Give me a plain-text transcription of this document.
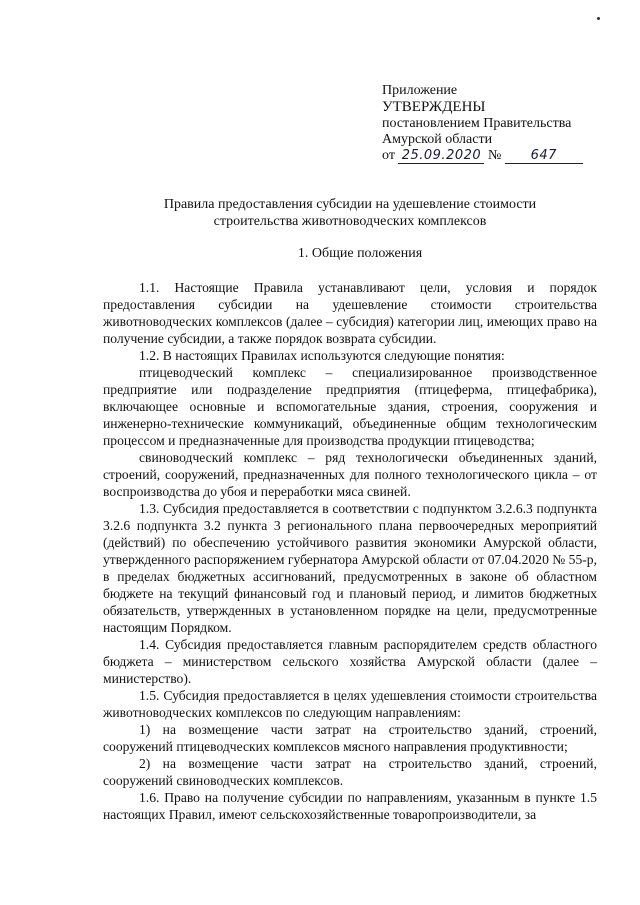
Приложение
УТВЕРЖДЕНЫ
постановлением Правительства
Амурской области
от 25.09.2020 № 647
Правила предоставления субсидии на удешевление стоимости
строительства животноводческих комплексов
1. Общие положения

1.1. Настоящие Правила устанавливают цели, условия и порядок предоставления субсидии на удешевление стоимости строительства животноводческих комплексов (далее – субсидия) категории лиц, имеющих право на получение субсидии, а также порядок возврата субсидии.

1.2. В настоящих Правилах используются следующие понятия:

птицеводческий комплекс – специализированное производственное предприятие или подразделение предприятия (птицеферма, птицефабрика), включающее основные и вспомогательные здания, строения, сооружения и инженерно-технические коммуникаций, объединенные общим технологическим процессом и предназначенные для производства продукции птицеводства;

свиноводческий комплекс – ряд технологически объединенных зданий, строений, сооружений, предназначенных для полного технологического цикла – от воспроизводства до убоя и переработки мяса свиней.

1.3. Субсидия предоставляется в соответствии с подпунктом 3.2.6.3 подпункта 3.2.6 подпункта 3.2 пункта 3 регионального плана первоочередных мероприятий (действий) по обеспечению устойчивого развития экономики Амурской области, утвержденного распоряжением губернатора Амурской области от 07.04.2020 № 55-р, в пределах бюджетных ассигнований, предусмотренных в законе об областном бюджете на текущий финансовый год и плановый период, и лимитов бюджетных обязательств, утвержденных в установленном порядке на цели, предусмотренные настоящим Порядком.

1.4. Субсидия предоставляется главным распорядителем средств областного бюджета – министерством сельского хозяйства Амурской области (далее – министерство).

1.5. Субсидия предоставляется в целях удешевления стоимости строительства животноводческих комплексов по следующим направлениям:

1) на возмещение части затрат на строительство зданий, строений, сооружений птицеводческих комплексов мясного направления продуктивности;

2) на возмещение части затрат на строительство зданий, строений, сооружений свиноводческих комплексов.

1.6. Право на получение субсидии по направлениям, указанным в пункте 1.5 настоящих Правил, имеют сельскохозяйственные товаропроизводители, за
